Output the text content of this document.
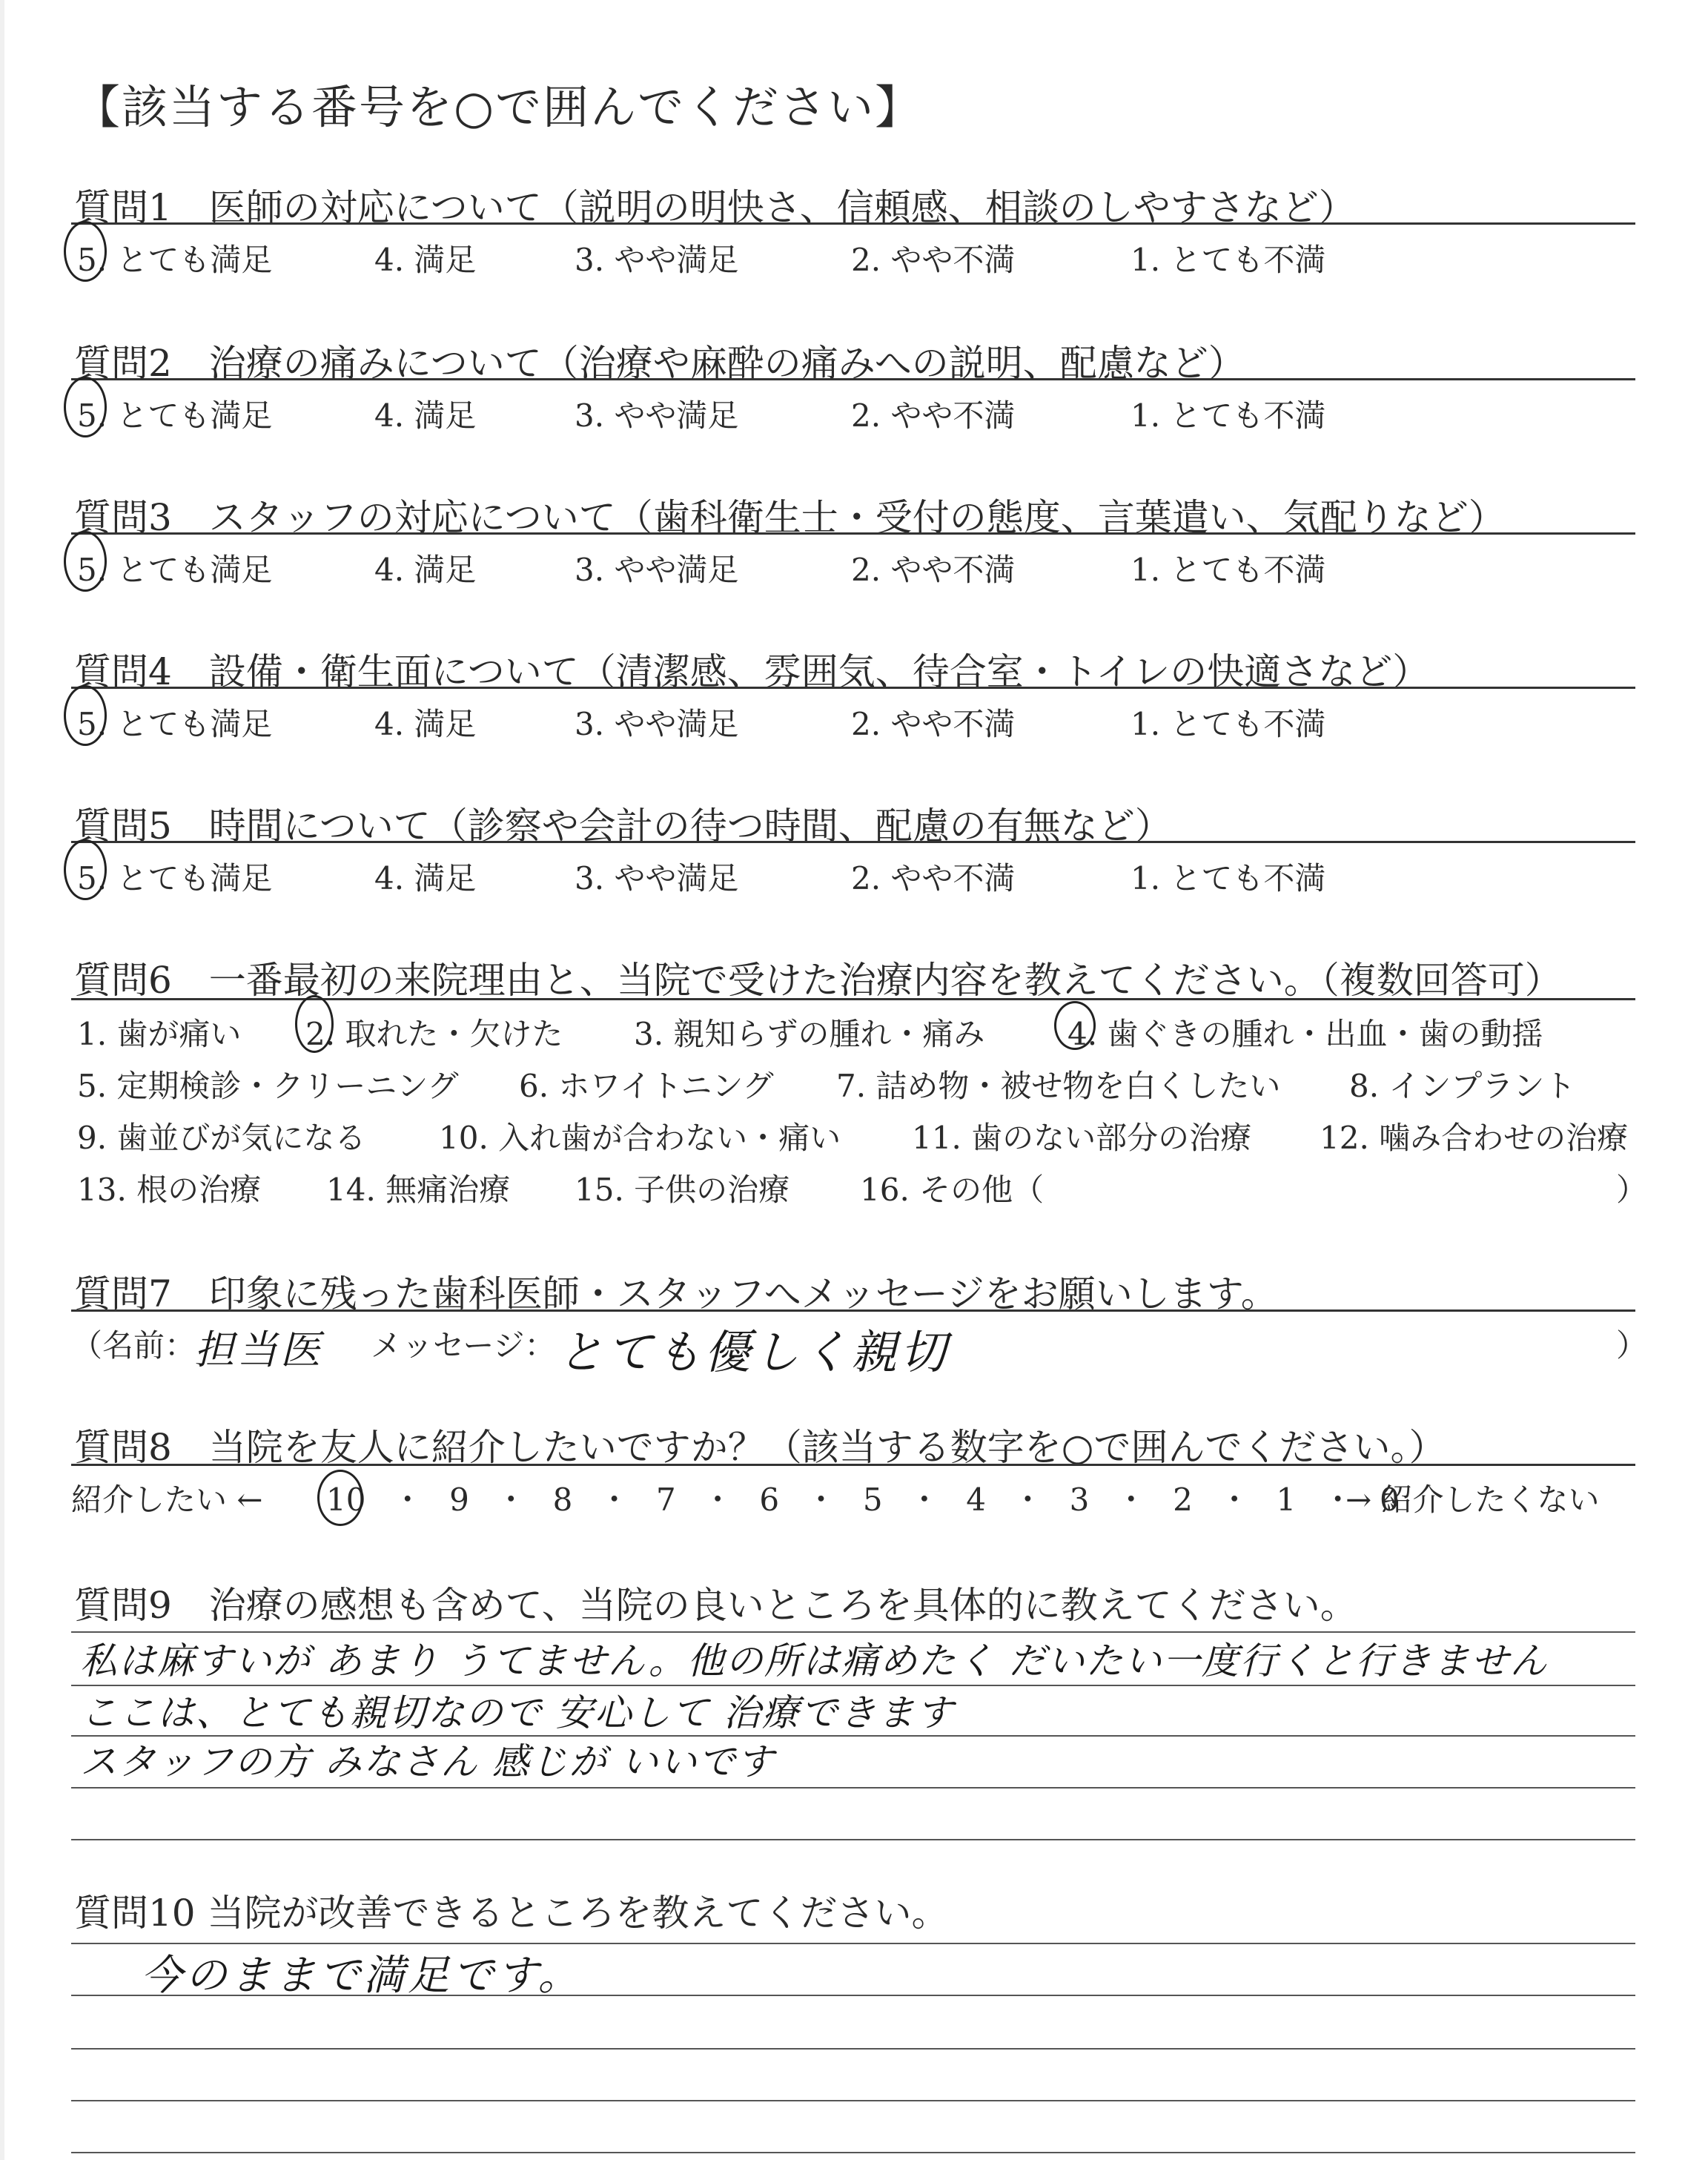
【該当する番号を○で囲んでください】
質問1　医師の対応について（説明の明快さ、信頼感、相談のしやすさなど）
5. とても満足	4. 満足	3. やや満足	2. やや不満	1. とても不満
質問2　治療の痛みについて（治療や麻酔の痛みへの説明、配慮など）
5. とても満足	4. 満足	3. やや満足	2. やや不満	1. とても不満
質問3　スタッフの対応について（歯科衛生士・受付の態度、言葉遣い、気配りなど）
5. とても満足	4. 満足	3. やや満足	2. やや不満	1. とても不満
質問4　設備・衛生面について（清潔感、雰囲気、待合室・トイレの快適さなど）
5. とても満足	4. 満足	3. やや満足	2. やや不満	1. とても不満
質問5　時間について（診察や会計の待つ時間、配慮の有無など）
5. とても満足	4. 満足	3. やや満足	2. やや不満	1. とても不満
質問6　一番最初の来院理由と、当院で受けた治療内容を教えてください。（複数回答可）
1. 歯が痛い 2. 取れた・欠けた 3. 親知らずの腫れ・痛み	4. 歯ぐきの腫れ・出血・歯の動揺
5. 定期検診・クリーニング 6. ホワイトニング 7. 詰め物・被せ物を白くしたい 8. インプラント
9. 歯並びが気になる 10. 入れ歯が合わない・痛い 11. 歯のない部分の治療 12. 噛み合わせの治療
13. 根の治療 14. 無痛治療 15. 子供の治療 16. その他（	）
質問7　印象に残った歯科医師・スタッフへメッセージをお願いします。
（名前：
担当医 メッセージ： とても優しく親切	）
質問8　当院を友人に紹介したいですか？（該当する数字を○で囲んでください。）
紹介したい ← 10 ・ 9 ・ 8 ・ 7 ・ 6 ・ 5 ・ 4 ・ 3 ・ 2 ・ 1 ・ 0
→ 紹介したくない
質問9　治療の感想も含めて、当院の良いところを具体的に教えてください。
私は麻すいが あまり うてません。他の所は痛めたく だいたい一度行くと行きません
ここは、とても親切なので 安心して 治療できます
スタッフの方 みなさん 感じが いいです
質問10 当院が改善できるところを教えてください。
今のままで満足です。
